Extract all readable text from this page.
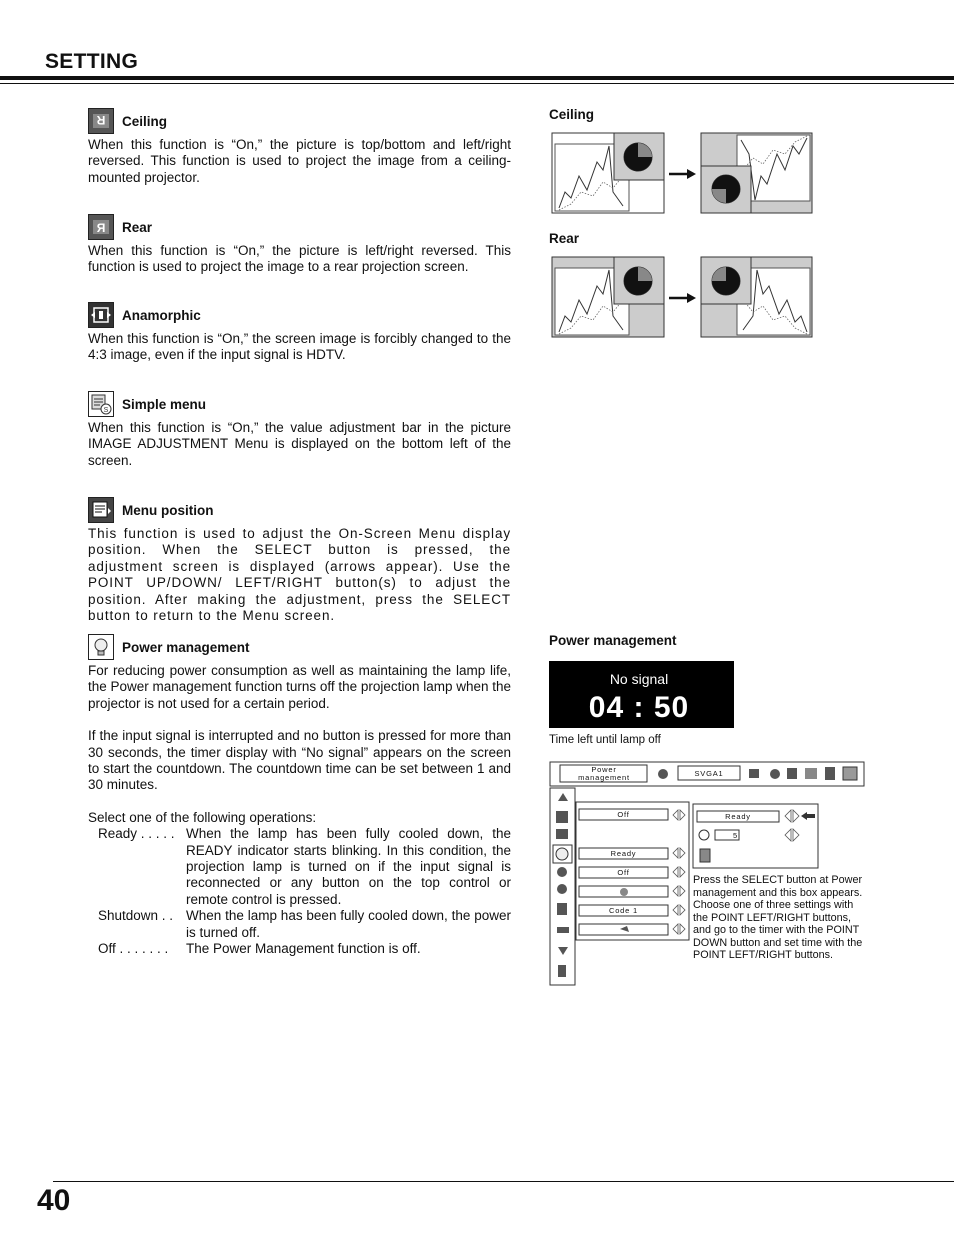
SETTING
R Ceiling
When this function is “On,” the picture is top/bottom and left/right reversed. This function is used to project the image from a ceiling-mounted projector.
R Rear
When this function is “On,” the picture is left/right reversed. This function is used to project the image to a rear projection screen.
Anamorphic
When this function is “On,” the screen image is forcibly changed to the 4:3 image, even if the input signal is HDTV.
S Simple menu
When this function is “On,” the value adjustment bar in the picture IMAGE ADJUSTMENT Menu is displayed on the bottom left of the screen.
Menu position
This function is used to adjust the On-Screen Menu display position. When the SELECT button is pressed, the adjustment screen is displayed (arrows appear). Use the POINT UP/DOWN/ LEFT/RIGHT button(s) to adjust the position. After making the adjustment, press the SELECT button to return to the Menu screen.
Power management
For reducing power consumption as well as maintaining the lamp life, the Power management function turns off the projection lamp when the projector is not used for a certain period.
If the input signal is interrupted and no button is pressed for more than 30 seconds, the timer display with “No signal” appears on the screen to start the countdown. The countdown time can be set between 1 and 30 minutes.
Select one of the following operations:
Ready . . . . . When the lamp has been fully cooled down, the READY indicator starts blinking. In this condition, the projection lamp is turned on if the input signal is reconnected or any button on the top control or remote control is pressed.
Shutdown . . When the lamp has been fully cooled down, the power is turned off.
Off . . . . . . .	The Power Management function is off.
Ceiling
Rear
Power management
No signal
04 : 50
Time left until lamp off
Power
management	SVGA1
Off
Ready
Off
Code 1
Ready
5
Press the SELECT button at Power management and this box appears. Choose one of three settings with the POINT LEFT/RIGHT buttons, and go to the timer with the POINT DOWN button and set time with the POINT LEFT/RIGHT buttons.
40
